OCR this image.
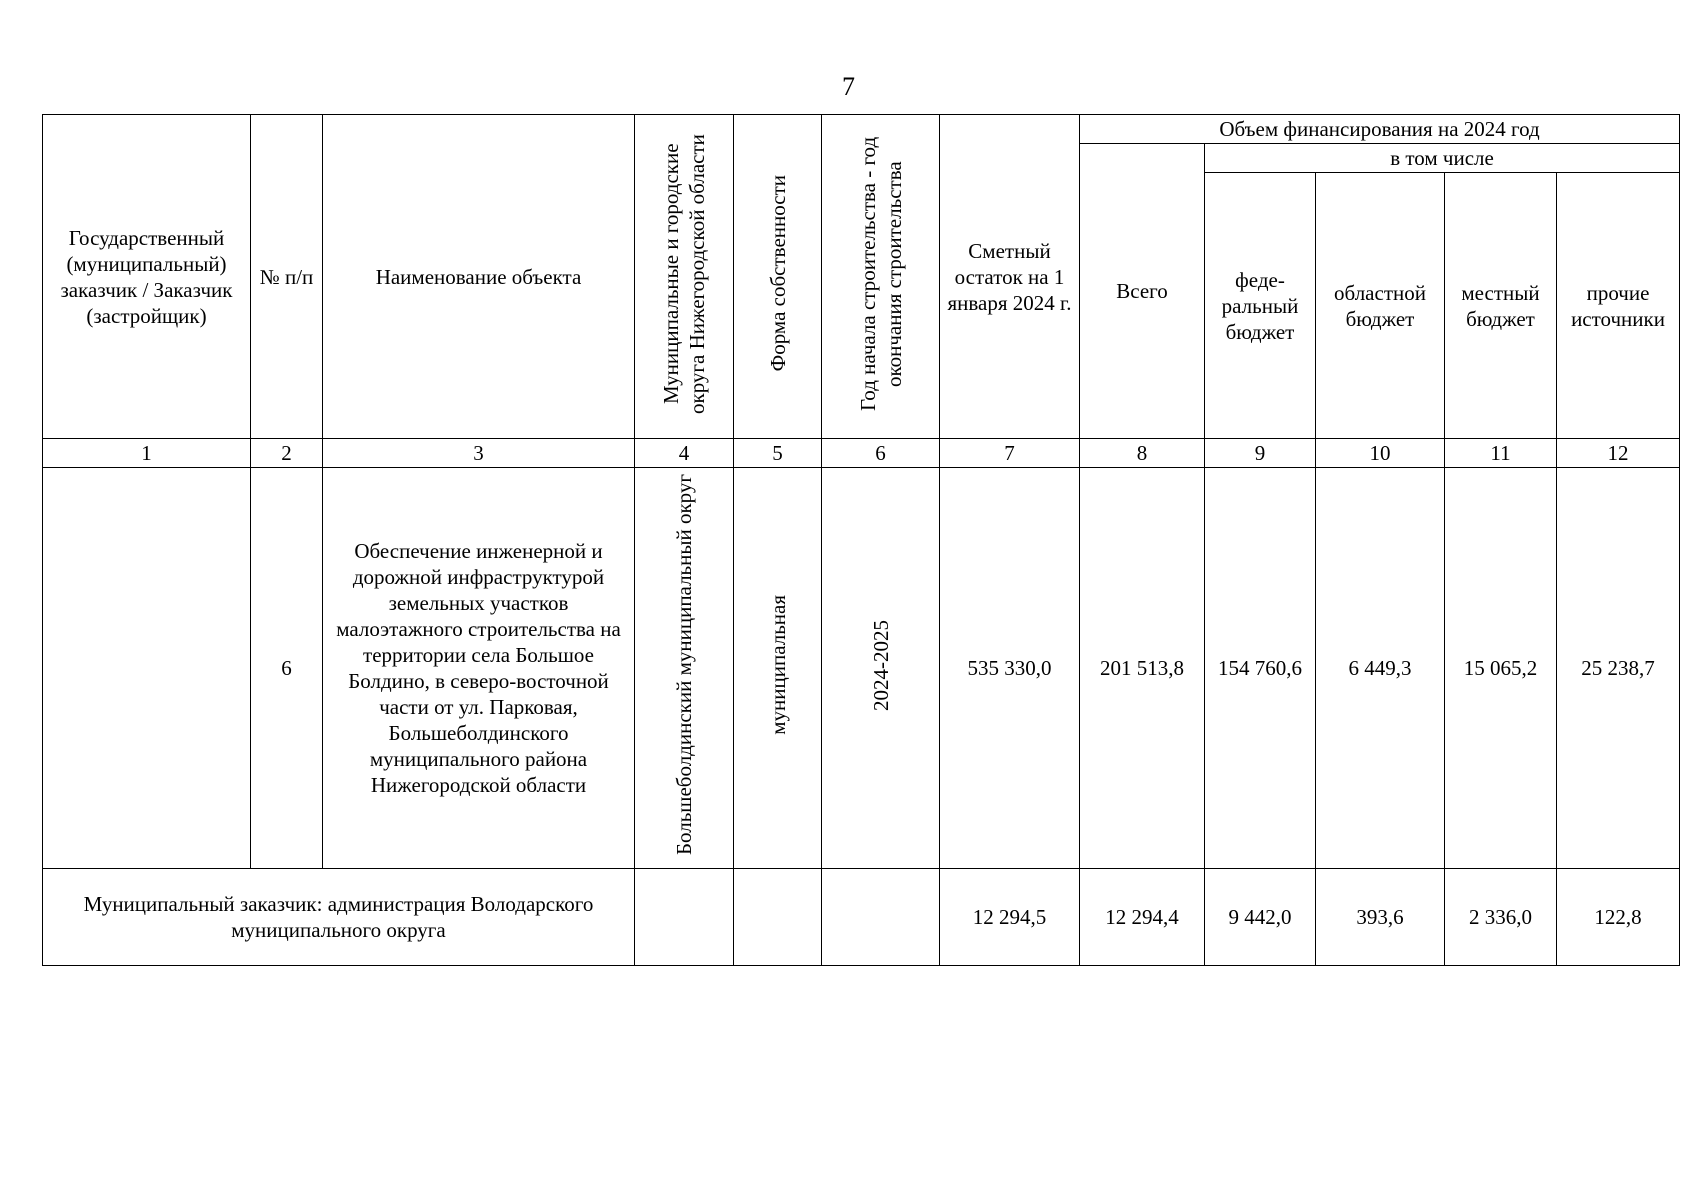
7
Государственный (муниципальный) заказчик / Заказчик (застройщик)	№ п/п	Наименование объекта	Муниципальные и городские округа Нижегородской области	Форма собственности	Год начала строительства - год окончания строительства	Сметный остаток на 1 января 2024 г.	Объем финансирования на 2024 год				
							Всего	в том числе			
								феде-ральный бюджет	областной бюджет	местный бюджет	прочие источники
1	2	3	4	5	6	7	8	9	10	11	12
	6	Обеспечение инженерной и дорожной инфраструктурой земельных участков малоэтажного строительства на территории села Большое Болдино, в северо-восточной части от ул. Парковая, Большеболдинского муниципального района Нижегородской области	Большеболдинский муниципальный округ	муниципальная	2024-2025	535 330,0	201 513,8	154 760,6	6 449,3	15 065,2	25 238,7
Муниципальный заказчик: администрация Володарского муниципального округа						12 294,5	12 294,4	9 442,0	393,6	2 336,0	122,8
